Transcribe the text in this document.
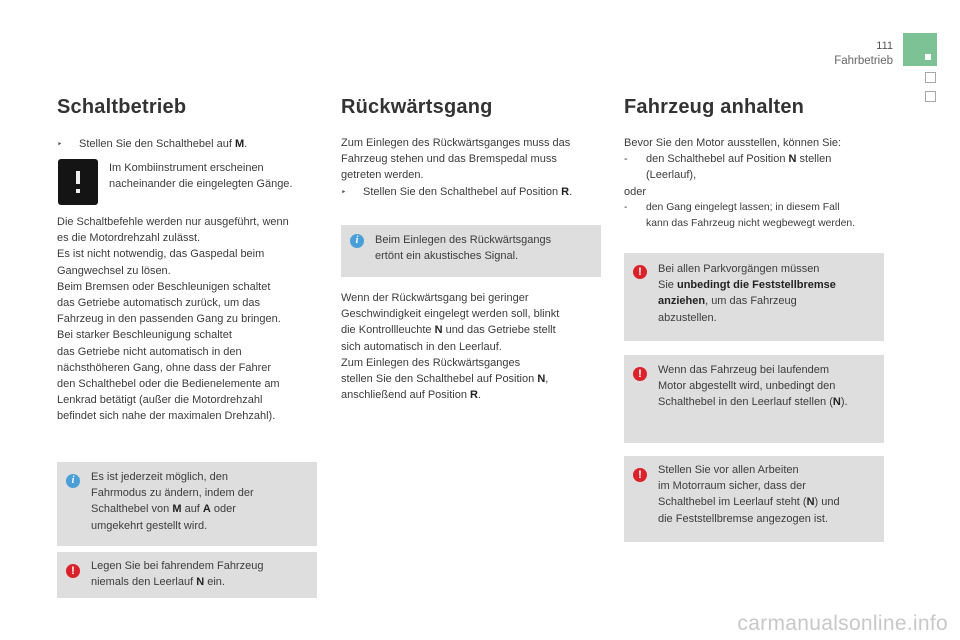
111
Fahrbetrieb
Schaltbetrieb
‣ Stellen Sie den Schalthebel auf M.
Im Kombiinstrument erscheinen
nacheinander die eingelegten Gänge.
Die Schaltbefehle werden nur ausgeführt, wenn
es die Motordrehzahl zulässt.
Es ist nicht notwendig, das Gaspedal beim
Gangwechsel zu lösen.
Beim Bremsen oder Beschleunigen schaltet
das Getriebe automatisch zurück, um das
Fahrzeug in den passenden Gang zu bringen.
Bei starker Beschleunigung schaltet
das Getriebe nicht automatisch in den
nächsthöheren Gang, ohne dass der Fahrer
den Schalthebel oder die Bedienelemente am
Lenkrad betätigt (außer die Motordrehzahl
befindet sich nahe der maximalen Drehzahl).
i	Es ist jederzeit möglich, den
Fahrmodus zu ändern, indem der
Schalthebel von M auf A oder
umgekehrt gestellt wird.
!	Legen Sie bei fahrendem Fahrzeug
niemals den Leerlauf N ein.
Rückwärtsgang
Zum Einlegen des Rückwärtsganges muss das
Fahrzeug stehen und das Bremspedal muss
getreten werden.
‣ Stellen Sie den Schalthebel auf Position R.
i	Beim Einlegen des Rückwärtsgangs
ertönt ein akustisches Signal.
Wenn der Rückwärtsgang bei geringer
Geschwindigkeit eingelegt werden soll, blinkt
die Kontrollleuchte N und das Getriebe stellt
sich automatisch in den Leerlauf.
Zum Einlegen des Rückwärtsganges
stellen Sie den Schalthebel auf Position N,
anschließend auf Position R.
Fahrzeug anhalten
Bevor Sie den Motor ausstellen, können Sie:
- den Schalthebel auf Position N stellen
(Leerlauf),
oder
- den Gang eingelegt lassen; in diesem Fall
kann das Fahrzeug nicht wegbewegt werden.
!	Bei allen Parkvorgängen müssen
Sie unbedingt die Feststellbremse
anziehen, um das Fahrzeug
abzustellen.
!	Wenn das Fahrzeug bei laufendem
Motor abgestellt wird, unbedingt den
Schalthebel in den Leerlauf stellen (N).
!	Stellen Sie vor allen Arbeiten
im Motorraum sicher, dass der
Schalthebel im Leerlauf steht (N) und
die Feststellbremse angezogen ist.
carmanualsonline.info
